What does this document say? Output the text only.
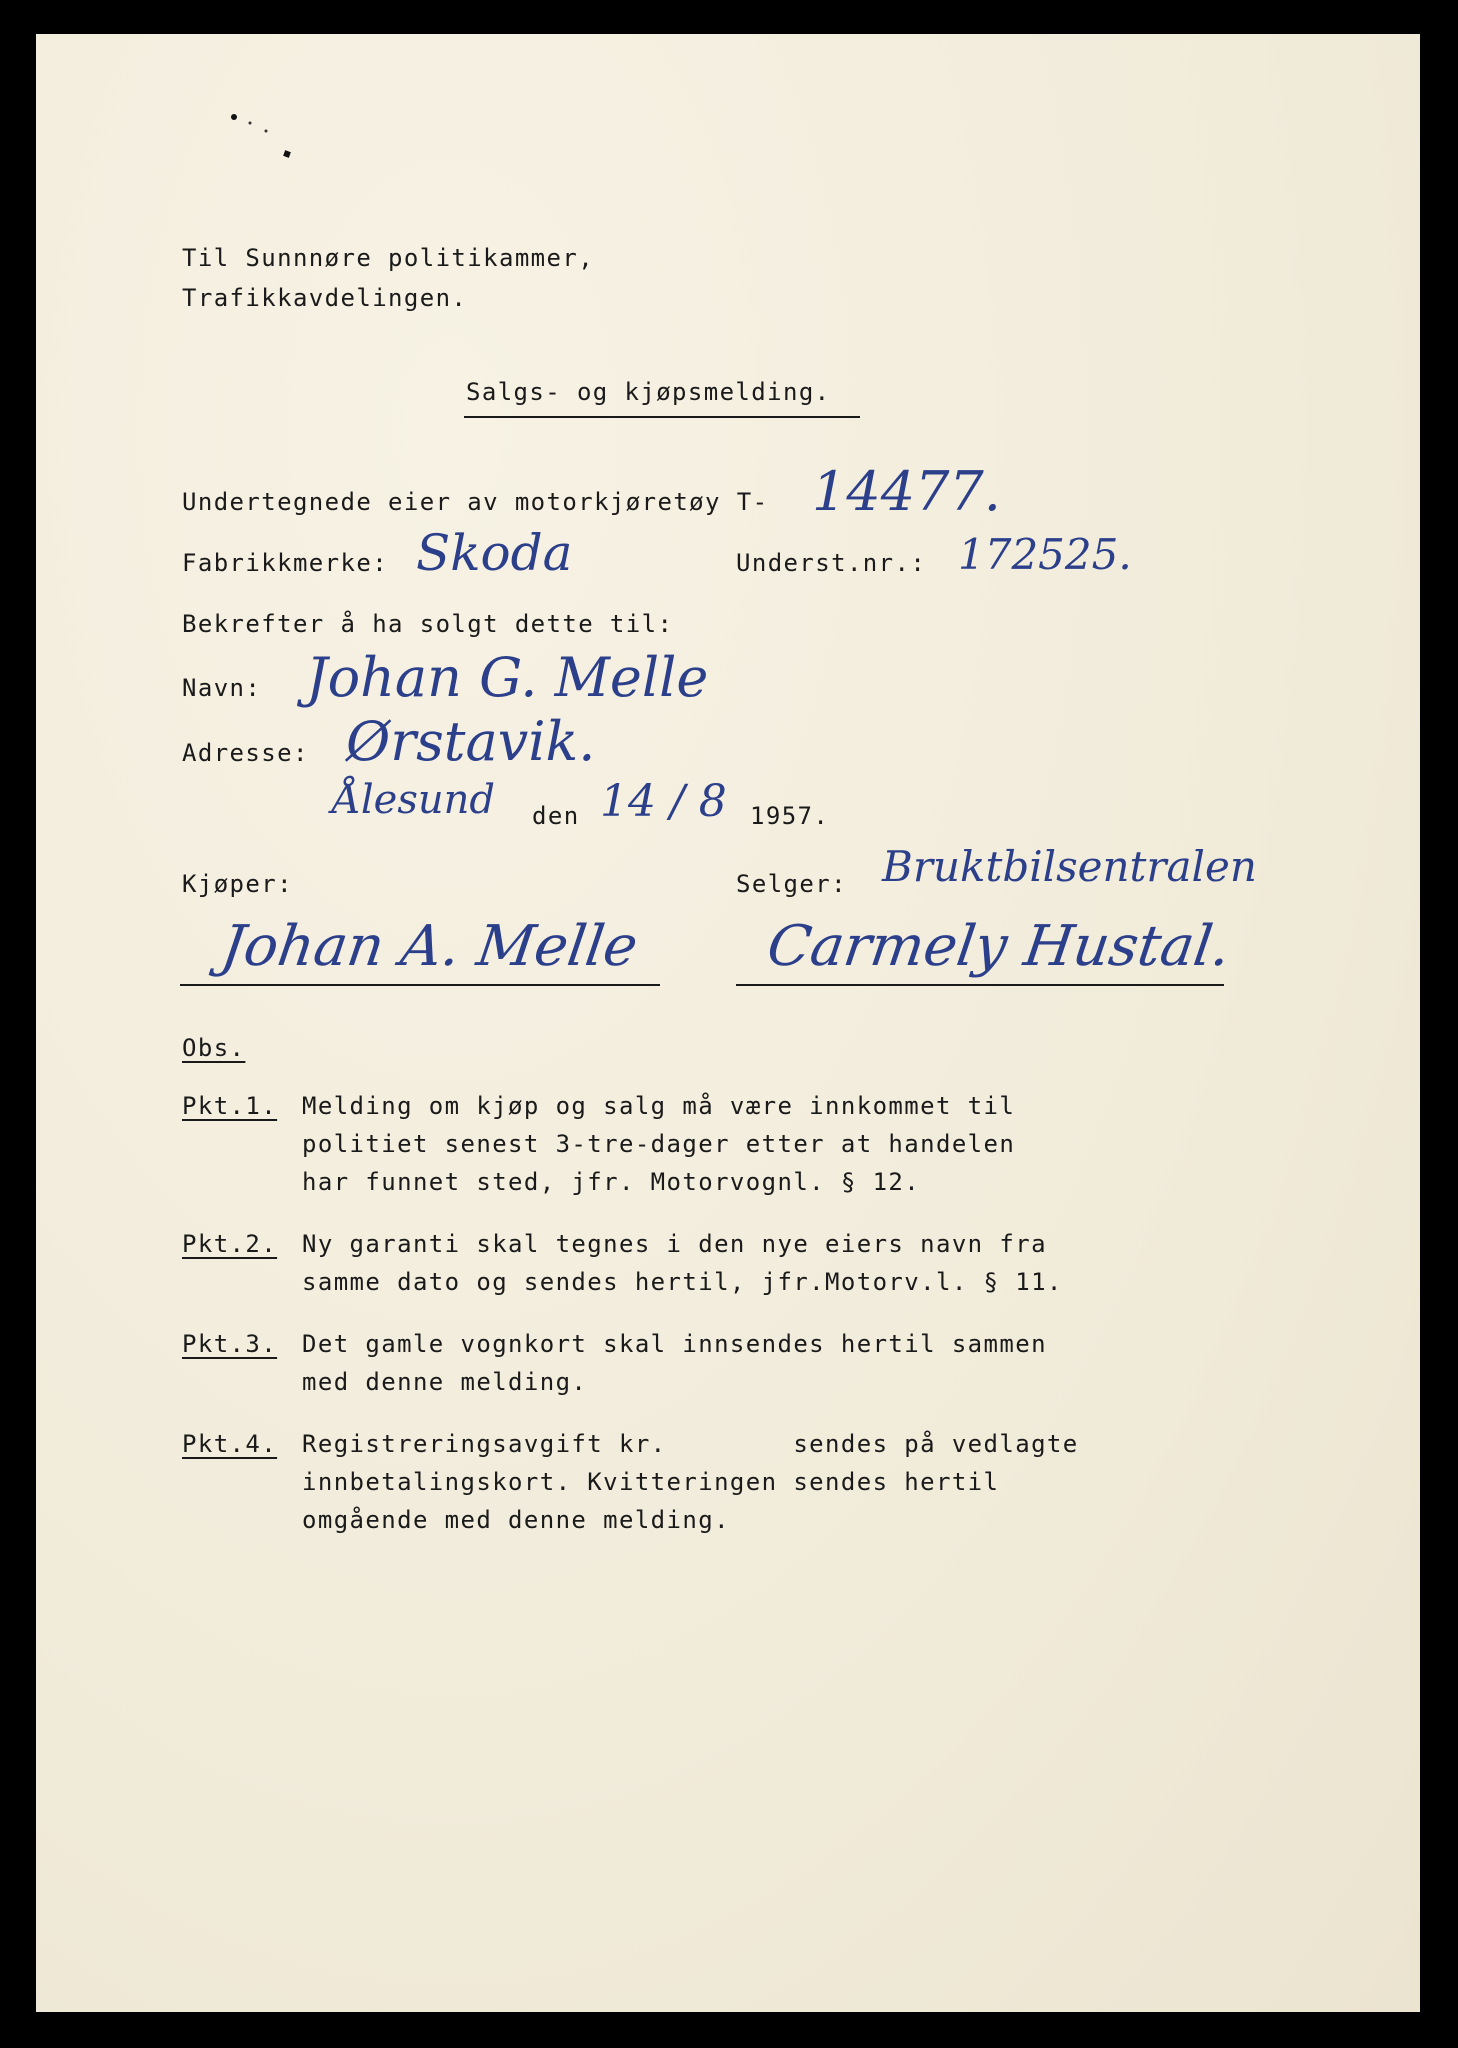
Til Sunnnøre politikammer,
Trafikkavdelingen.
Salgs- og kjøpsmelding.
Undertegnede eier av motorkjøretøy T- 14477.
Fabrikkmerke: Skoda	Underst.nr.: 172525.
Bekrefter å ha solgt dette til:
Navn: Johan G. Melle
Adresse: Ørstavik.
Ålesund den 14 / 8 1957.
Kjøper:	Selger: Bruktbilsentralen
Johan A. Melle Carmely Hustal.
Obs.
Pkt.1. Melding om kjøp og salg må være innkommet til
politiet senest 3-tre-dager etter at handelen
har funnet sted, jfr. Motorvognl. § 12.
Pkt.2. Ny garanti skal tegnes i den nye eiers navn fra
samme dato og sendes hertil, jfr.Motorv.l. § 11.
Pkt.3. Det gamle vognkort skal innsendes hertil sammen
med denne melding.
Pkt.4. Registreringsavgift kr.        sendes på vedlagte
innbetalingskort. Kvitteringen sendes hertil
omgående med denne melding.
